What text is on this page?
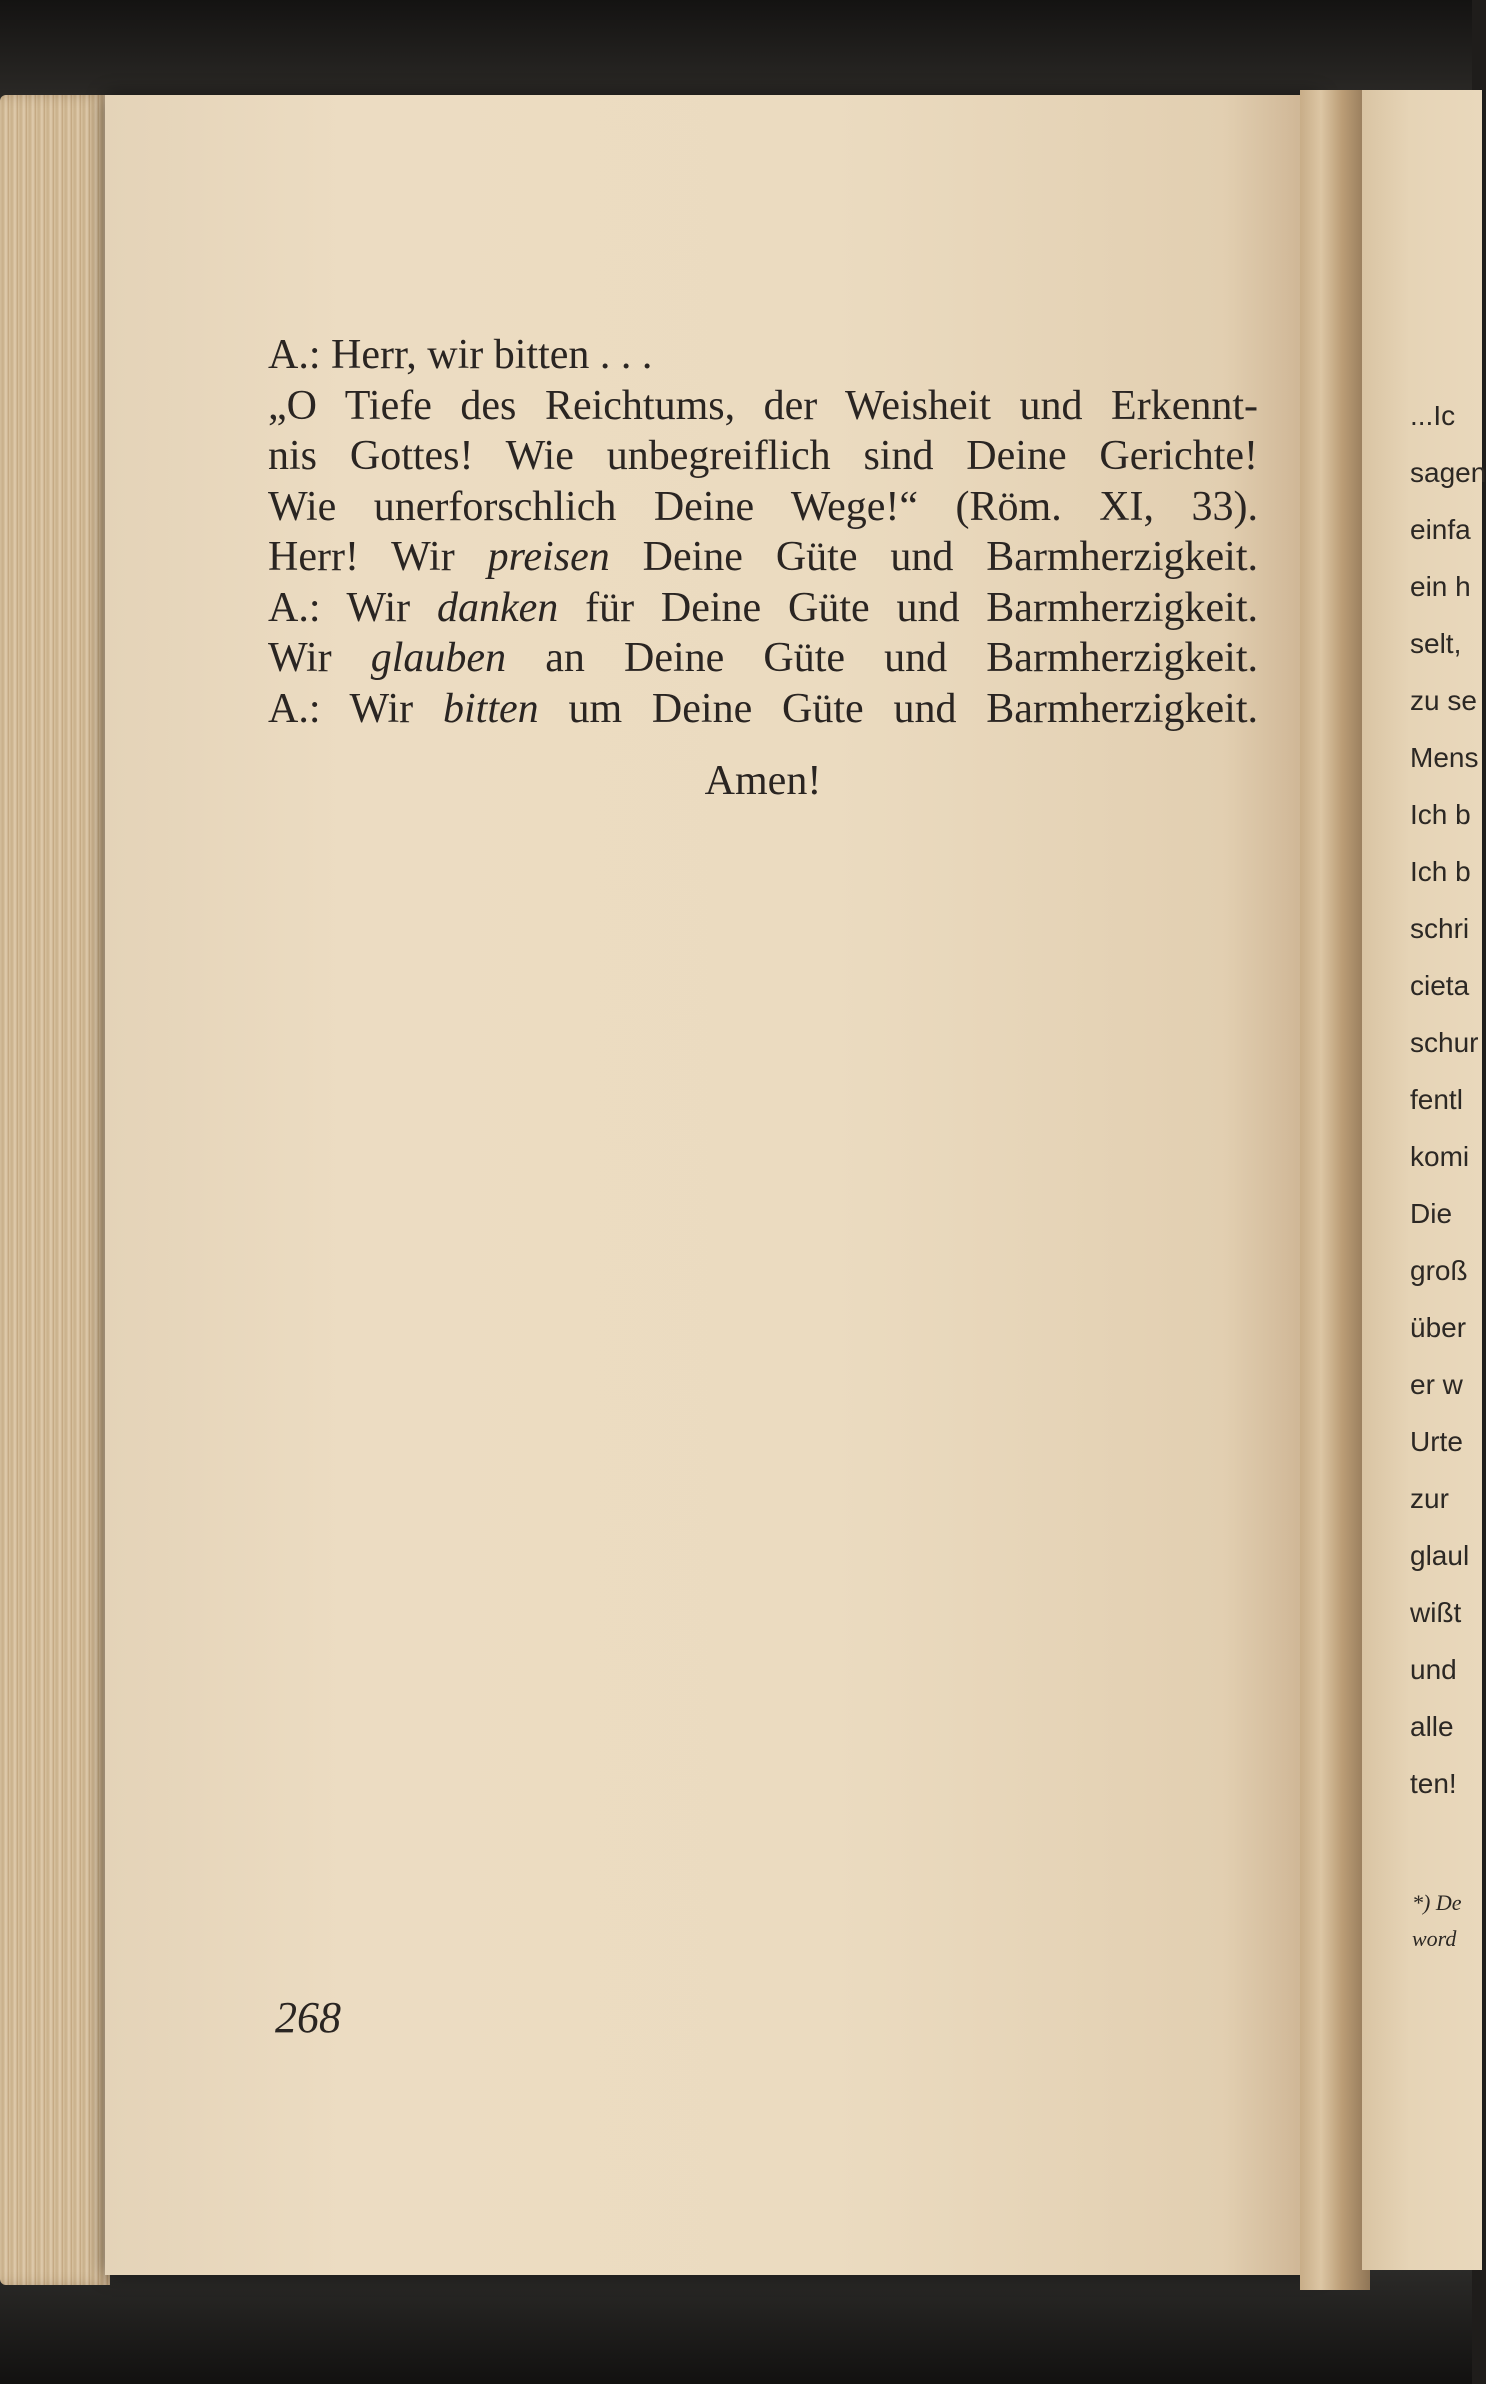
A.: Herr, wir bitten . . .
„O Tiefe des Reichtums, der Weisheit und Erkennt-
nis Gottes! Wie unbegreiflich sind Deine Gerichte!
Wie unerforschlich Deine Wege!“ (Röm. XI, 33).
Herr! Wir preisen Deine Güte und Barmherzigkeit.
A.: Wir danken für Deine Güte und Barmherzigkeit.
Wir glauben an Deine Güte und Barmherzigkeit.
A.: Wir bitten um Deine Güte und Barmherzigkeit.
Amen!
268
...Ic
sagen
einfa
ein h
selt,
zu se
Mens
Ich b
Ich b
schri
cieta
schur
fentl
komi
Die
groß
über
er w
Urte
zur
glaul
wißt
und
alle
ten!
*) De
word
